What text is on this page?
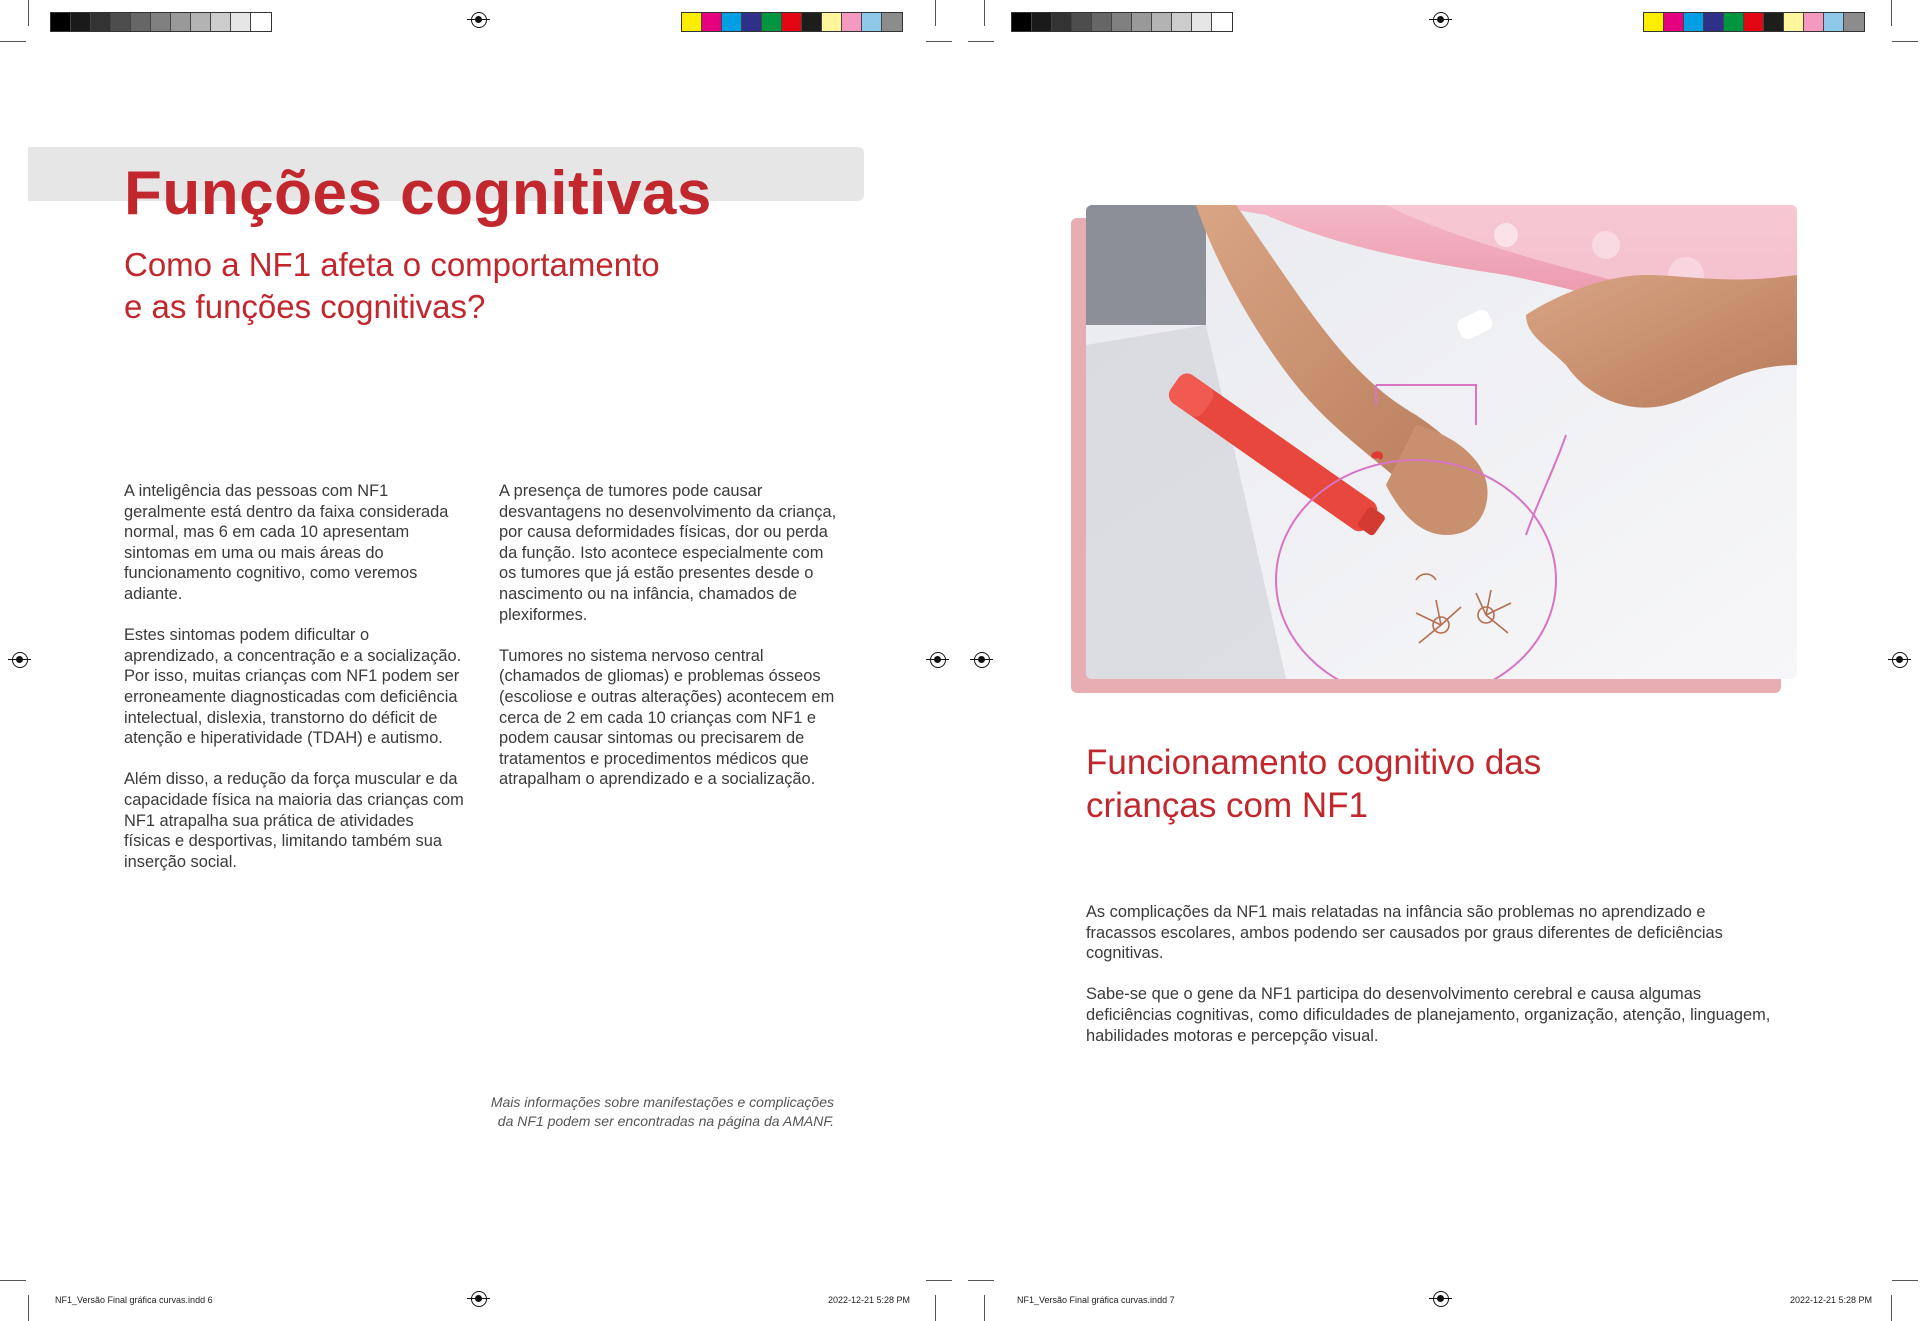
NF1_Versão Final gráfica curvas.indd 6	2022-12-21 5:28 PM	NF1_Versão Final gráfica curvas.indd 7	2022-12-21 5:28 PM
Funções cognitivas
Como a NF1 afeta o comportamento e as funções cognitivas?

A inteligência das pessoas com NF1 geralmente está dentro da faixa considerada normal, mas 6 em cada 10 apresentam sintomas em uma ou mais áreas do funcionamento cognitivo, como veremos adiante.

Estes sintomas podem dificultar o aprendizado, a concentração e a socialização. Por isso, muitas crianças com NF1 podem ser erroneamente diagnosticadas com deficiência intelectual, dislexia, transtorno do déficit de atenção e hiperatividade (TDAH) e autismo.

Além disso, a redução da força muscular e da capacidade física na maioria das crianças com NF1 atrapalha sua prática de atividades físicas e desportivas, limitando também sua inserção social.

A presença de tumores pode causar desvantagens no desenvolvimento da criança, por causa deformidades físicas, dor ou perda da função. Isto acontece especialmente com os tumores que já estão presentes desde o nascimento ou na infância, chamados de plexiformes.

Tumores no sistema nervoso central (chamados de gliomas) e problemas ósseos (escoliose e outras alterações) acontecem em cerca de 2 em cada 10 crianças com NF1 e podem causar sintomas ou precisarem de tratamentos e procedimentos médicos que atrapalham o aprendizado e a socialização.

Mais informações sobre manifestações e complicações da NF1 podem ser encontradas na página da AMANF.
Funcionamento cognitivo das crianças com NF1

As complicações da NF1 mais relatadas na infância são problemas no aprendizado e fracassos escolares, ambos podendo ser causados por graus diferentes de deficiências cognitivas.

Sabe-se que o gene da NF1 participa do desenvolvimento cerebral e causa algumas deficiências cognitivas, como dificuldades de planejamento, organização, atenção, linguagem, habilidades motoras e percepção visual.
